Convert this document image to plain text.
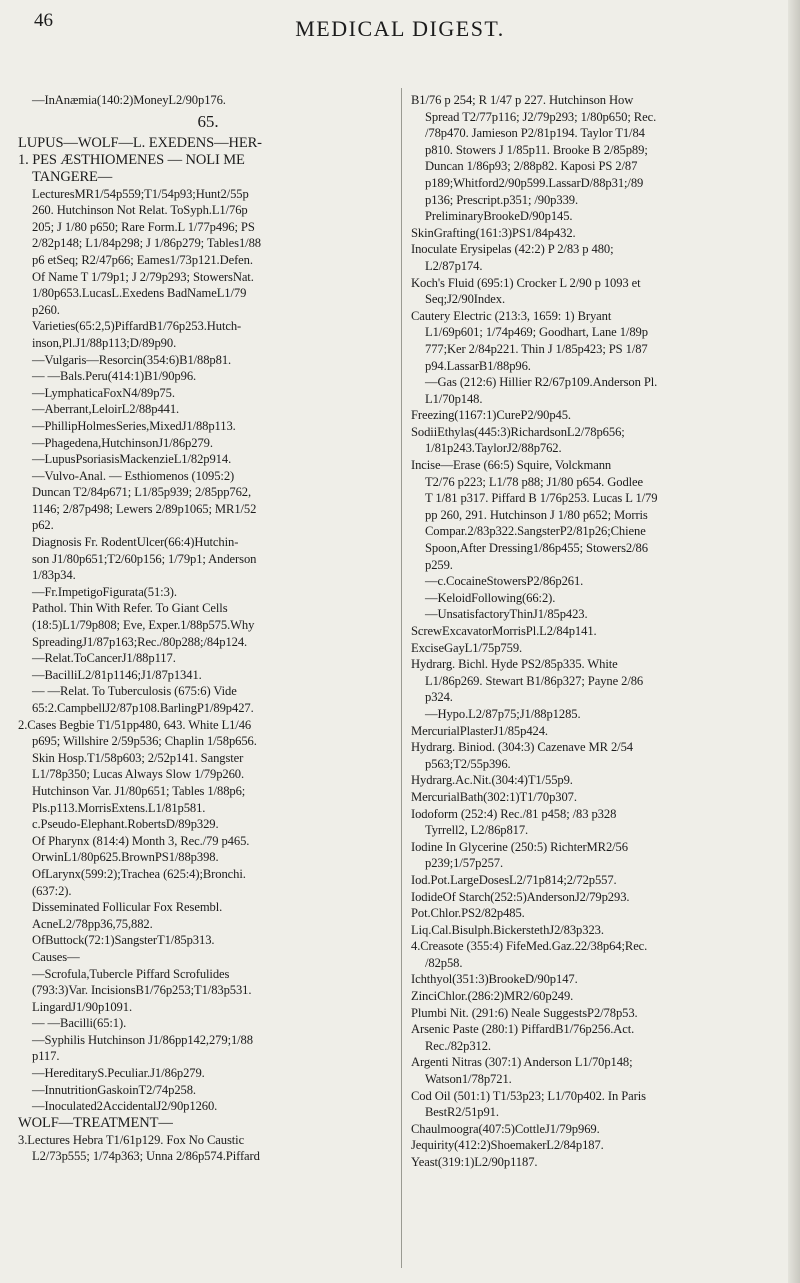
46	MEDICAL DIGEST.
—InAnæmia(140:2)MoneyL2/90p176.
65.
LUPUS—WOLF—L. EXEDENS—HER-
1. PES ÆSTHIOMENES — NOLI ME
TANGERE—
LecturesMR1/54p559;T1/54p93;Hunt2/55p
260. Hutchinson Not Relat. ToSyph.L1/76p
205; J 1/80 p650; Rare Form.L 1/77p496; PS
2/82p148; L1/84p298; J 1/86p279; Tables1/88
p6 etSeq; R2/47p66; Eames1/73p121.Defen.
Of Name T 1/79p1; J 2/79p293; StowersNat.
1/80p653.LucasL.Exedens BadNameL1/79
p260.
Varieties(65:2,5)PiffardB1/76p253.Hutch-
inson,Pl.J1/88p113;D/89p90.
—Vulgaris—Resorcin(354:6)B1/88p81.
— —Bals.Peru(414:1)B1/90p96.
—LymphaticaFoxN4/89p75.
—Aberrant,LeloirL2/88p441.
—PhillipHolmesSeries,MixedJ1/88p113.
—Phagedena,HutchinsonJ1/86p279.
—LupusPsoriasisMackenzieL1/82p914.
—Vulvo-Anal. — Esthiomenos (1095:2)
Duncan T2/84p671; L1/85p939; 2/85pp762,
1146; 2/87p498; Lewers 2/89p1065; MR1/52
p62.
Diagnosis Fr. RodentUlcer(66:4)Hutchin-
son J1/80p651;T2/60p156; 1/79p1; Anderson
1/83p34.
—Fr.ImpetigoFigurata(51:3).
Pathol. Thin With Refer. To Giant Cells
(18:5)L1/79p808; Eve, Exper.1/88p575.Why
SpreadingJ1/87p163;Rec./80p288;/84p124.
—Relat.ToCancerJ1/88p117.
—BacilliL2/81p1146;J1/87p1341.
— —Relat. To Tuberculosis (675:6) Vide
65:2.CampbellJ2/87p108.BarlingP1/89p427.
2.Cases Begbie T1/51pp480, 643. White L1/46
p695; Willshire 2/59p536; Chaplin 1/58p656.
Skin Hosp.T1/58p603; 2/52p141. Sangster
L1/78p350; Lucas Always Slow 1/79p260.
Hutchinson Var. J1/80p651; Tables 1/88p6;
Pls.p113.MorrisExtens.L1/81p581.
c.Pseudo-Elephant.RobertsD/89p329.
Of Pharynx (814:4) Month 3, Rec./79 p465.
OrwinL1/80p625.BrownPS1/88p398.
OfLarynx(599:2);Trachea (625:4);Bronchi.
(637:2).
Disseminated Follicular Fox Resembl.
AcneL2/78pp36,75,882.
OfButtock(72:1)SangsterT1/85p313.
Causes—
—Scrofula,Tubercle Piffard Scrofulides
(793:3)Var. IncisionsB1/76p253;T1/83p531.
LingardJ1/90p1091.
— —Bacilli(65:1).
—Syphilis Hutchinson J1/86pp142,279;1/88
p117.
—HereditaryS.Peculiar.J1/86p279.
—InnutritionGaskoinT2/74p258.
—Inoculated2AccidentalJ2/90p1260.
WOLF—TREATMENT—
3.Lectures Hebra T1/61p129. Fox No Caustic
L2/73p555; 1/74p363; Unna 2/86p574.Piffard
B1/76 p 254; R 1/47 p 227. Hutchinson How
Spread T2/77p116; J2/79p293; 1/80p650; Rec.
/78p470. Jamieson P2/81p194. Taylor T1/84
p810. Stowers J 1/85p11. Brooke B 2/85p89;
Duncan 1/86p93; 2/88p82. Kaposi PS 2/87
p189;Whitford2/90p599.LassarD/88p31;/89
p136; Prescript.p351; /90p339.
PreliminaryBrookeD/90p145.
SkinGrafting(161:3)PS1/84p432.
Inoculate Erysipelas (42:2) P 2/83 p 480;
L2/87p174.
Koch's Fluid (695:1) Crocker L 2/90 p 1093 et
Seq;J2/90Index.
Cautery Electric (213:3, 1659: 1) Bryant
L1/69p601; 1/74p469; Goodhart, Lane 1/89p
777;Ker 2/84p221. Thin J 1/85p423; PS 1/87
p94.LassarB1/88p96.
—Gas (212:6) Hillier R2/67p109.Anderson Pl.
L1/70p148.
Freezing(1167:1)CureP2/90p45.
SodiiEthylas(445:3)RichardsonL2/78p656;
1/81p243.TaylorJ2/88p762.
Incise—Erase (66:5) Squire, Volckmann
T2/76 p223; L1/78 p88; J1/80 p654. Godlee
T 1/81 p317. Piffard B 1/76p253. Lucas L 1/79
pp 260, 291. Hutchinson J 1/80 p652; Morris
Compar.2/83p322.SangsterP2/81p26;Chiene
Spoon,After Dressing1/86p455; Stowers2/86
p259.
—c.CocaineStowersP2/86p261.
—KeloidFollowing(66:2).
—UnsatisfactoryThinJ1/85p423.
ScrewExcavatorMorrisPl.L2/84p141.
ExciseGayL1/75p759.
Hydrarg. Bichl. Hyde PS2/85p335. White
L1/86p269. Stewart B1/86p327; Payne 2/86
p324.
—Hypo.L2/87p75;J1/88p1285.
MercurialPlasterJ1/85p424.
Hydrarg. Biniod. (304:3) Cazenave MR 2/54
p563;T2/55p396.
Hydrarg.Ac.Nit.(304:4)T1/55p9.
MercurialBath(302:1)T1/70p307.
Iodoform (252:4) Rec./81 p458; /83 p328
Tyrrell2, L2/86p817.
Iodine In Glycerine (250:5) RichterMR2/56
p239;1/57p257.
Iod.Pot.LargeDosesL2/71p814;2/72p557.
IodideOf Starch(252:5)AndersonJ2/79p293.
Pot.Chlor.PS2/82p485.
Liq.Cal.Bisulph.BickerstethJ2/83p323.
4.Creasote (355:4) FifeMed.Gaz.22/38p64;Rec.
/82p58.
Ichthyol(351:3)BrookeD/90p147.
ZinciChlor.(286:2)MR2/60p249.
Plumbi Nit. (291:6) Neale SuggestsP2/78p53.
Arsenic Paste (280:1) PiffardB1/76p256.Act.
Rec./82p312.
Argenti Nitras (307:1) Anderson L1/70p148;
Watson1/78p721.
Cod Oil (501:1) T1/53p23; L1/70p402. In Paris
BestR2/51p91.
Chaulmoogra(407:5)CottleJ1/79p969.
Jequirity(412:2)ShoemakerL2/84p187.
Yeast(319:1)L2/90p1187.
